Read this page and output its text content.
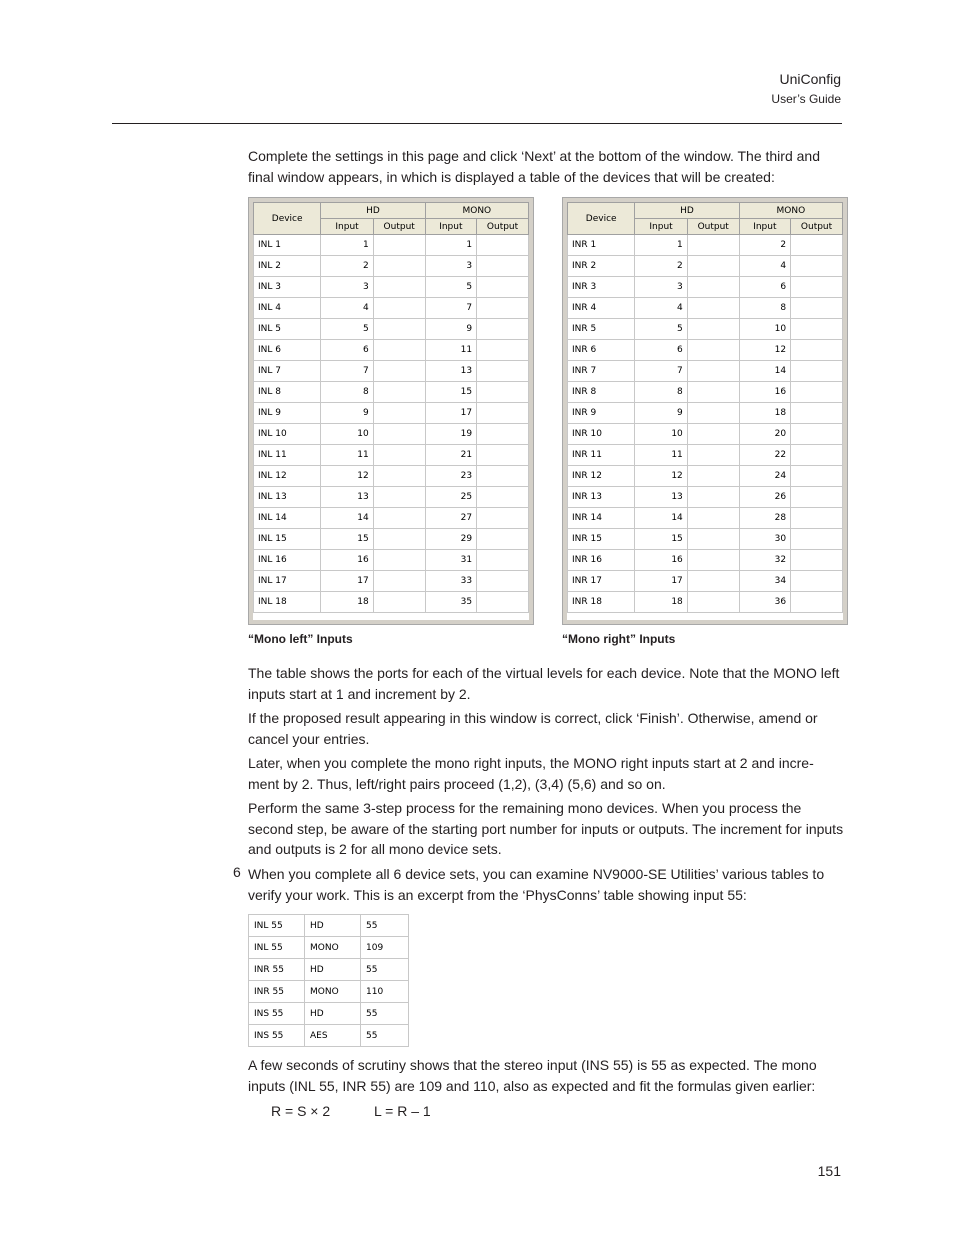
UniConfig
User’s Guide

Complete the settings in this page and click ‘Next’ at the bottom of the window. The third and final window appears, in which is displayed a table of the devices that will be created:

Device	HD		MONO	
	Input	Output	Input	Output
INL 1	1		1	
INL 2	2		3	
INL 3	3		5	
INL 4	4		7	
INL 5	5		9	
INL 6	6		11	
INL 7	7		13	
INL 8	8		15	
INL 9	9		17	
INL 10	10		19	
INL 11	11		21	
INL 12	12		23	
INL 13	13		25	
INL 14	14		27	
INL 15	15		29	
INL 16	16		31	
INL 17	17		33	
INL 18	18		35	
Device	HD		MONO	
	Input	Output	Input	Output
INR 1	1		2	
INR 2	2		4	
INR 3	3		6	
INR 4	4		8	
INR 5	5		10	
INR 6	6		12	
INR 7	7		14	
INR 8	8		16	
INR 9	9		18	
INR 10	10		20	
INR 11	11		22	
INR 12	12		24	
INR 13	13		26	
INR 14	14		28	
INR 15	15		30	
INR 16	16		32	
INR 17	17		34	
INR 18	18		36	
“Mono left” Inputs	“Mono right” Inputs

The table shows the ports for each of the virtual levels for each device. Note that the MONO left inputs start at 1 and increment by 2.

If the proposed result appearing in this window is correct, click ‘Finish’. Otherwise, amend or cancel your entries.

Later, when you complete the mono right inputs, the MONO right inputs start at 2 and incre-ment by 2. Thus, left/right pairs proceed (1,2), (3,4) (5,6) and so on.

Perform the same 3-step process for the remaining mono devices. When you process the second step, be aware of the starting port number for inputs or outputs. The increment for inputs and outputs is 2 for all mono device sets.

6 When you complete all 6 device sets, you can examine NV9000-SE Utilities’ various tables to verify your work. This is an excerpt from the ‘PhysConns’ table showing input 55:

INL 55	HD	55
INL 55	MONO	109
INR 55	HD	55
INR 55	MONO	110
INS 55	HD	55
INS 55	AES	55

A few seconds of scrutiny shows that the stereo input (INS 55) is 55 as expected. The mono inputs (INL 55, INR 55) are 109 and 110, also as expected and fit the formulas given earlier:

R = S × 2	L = R – 1
151
